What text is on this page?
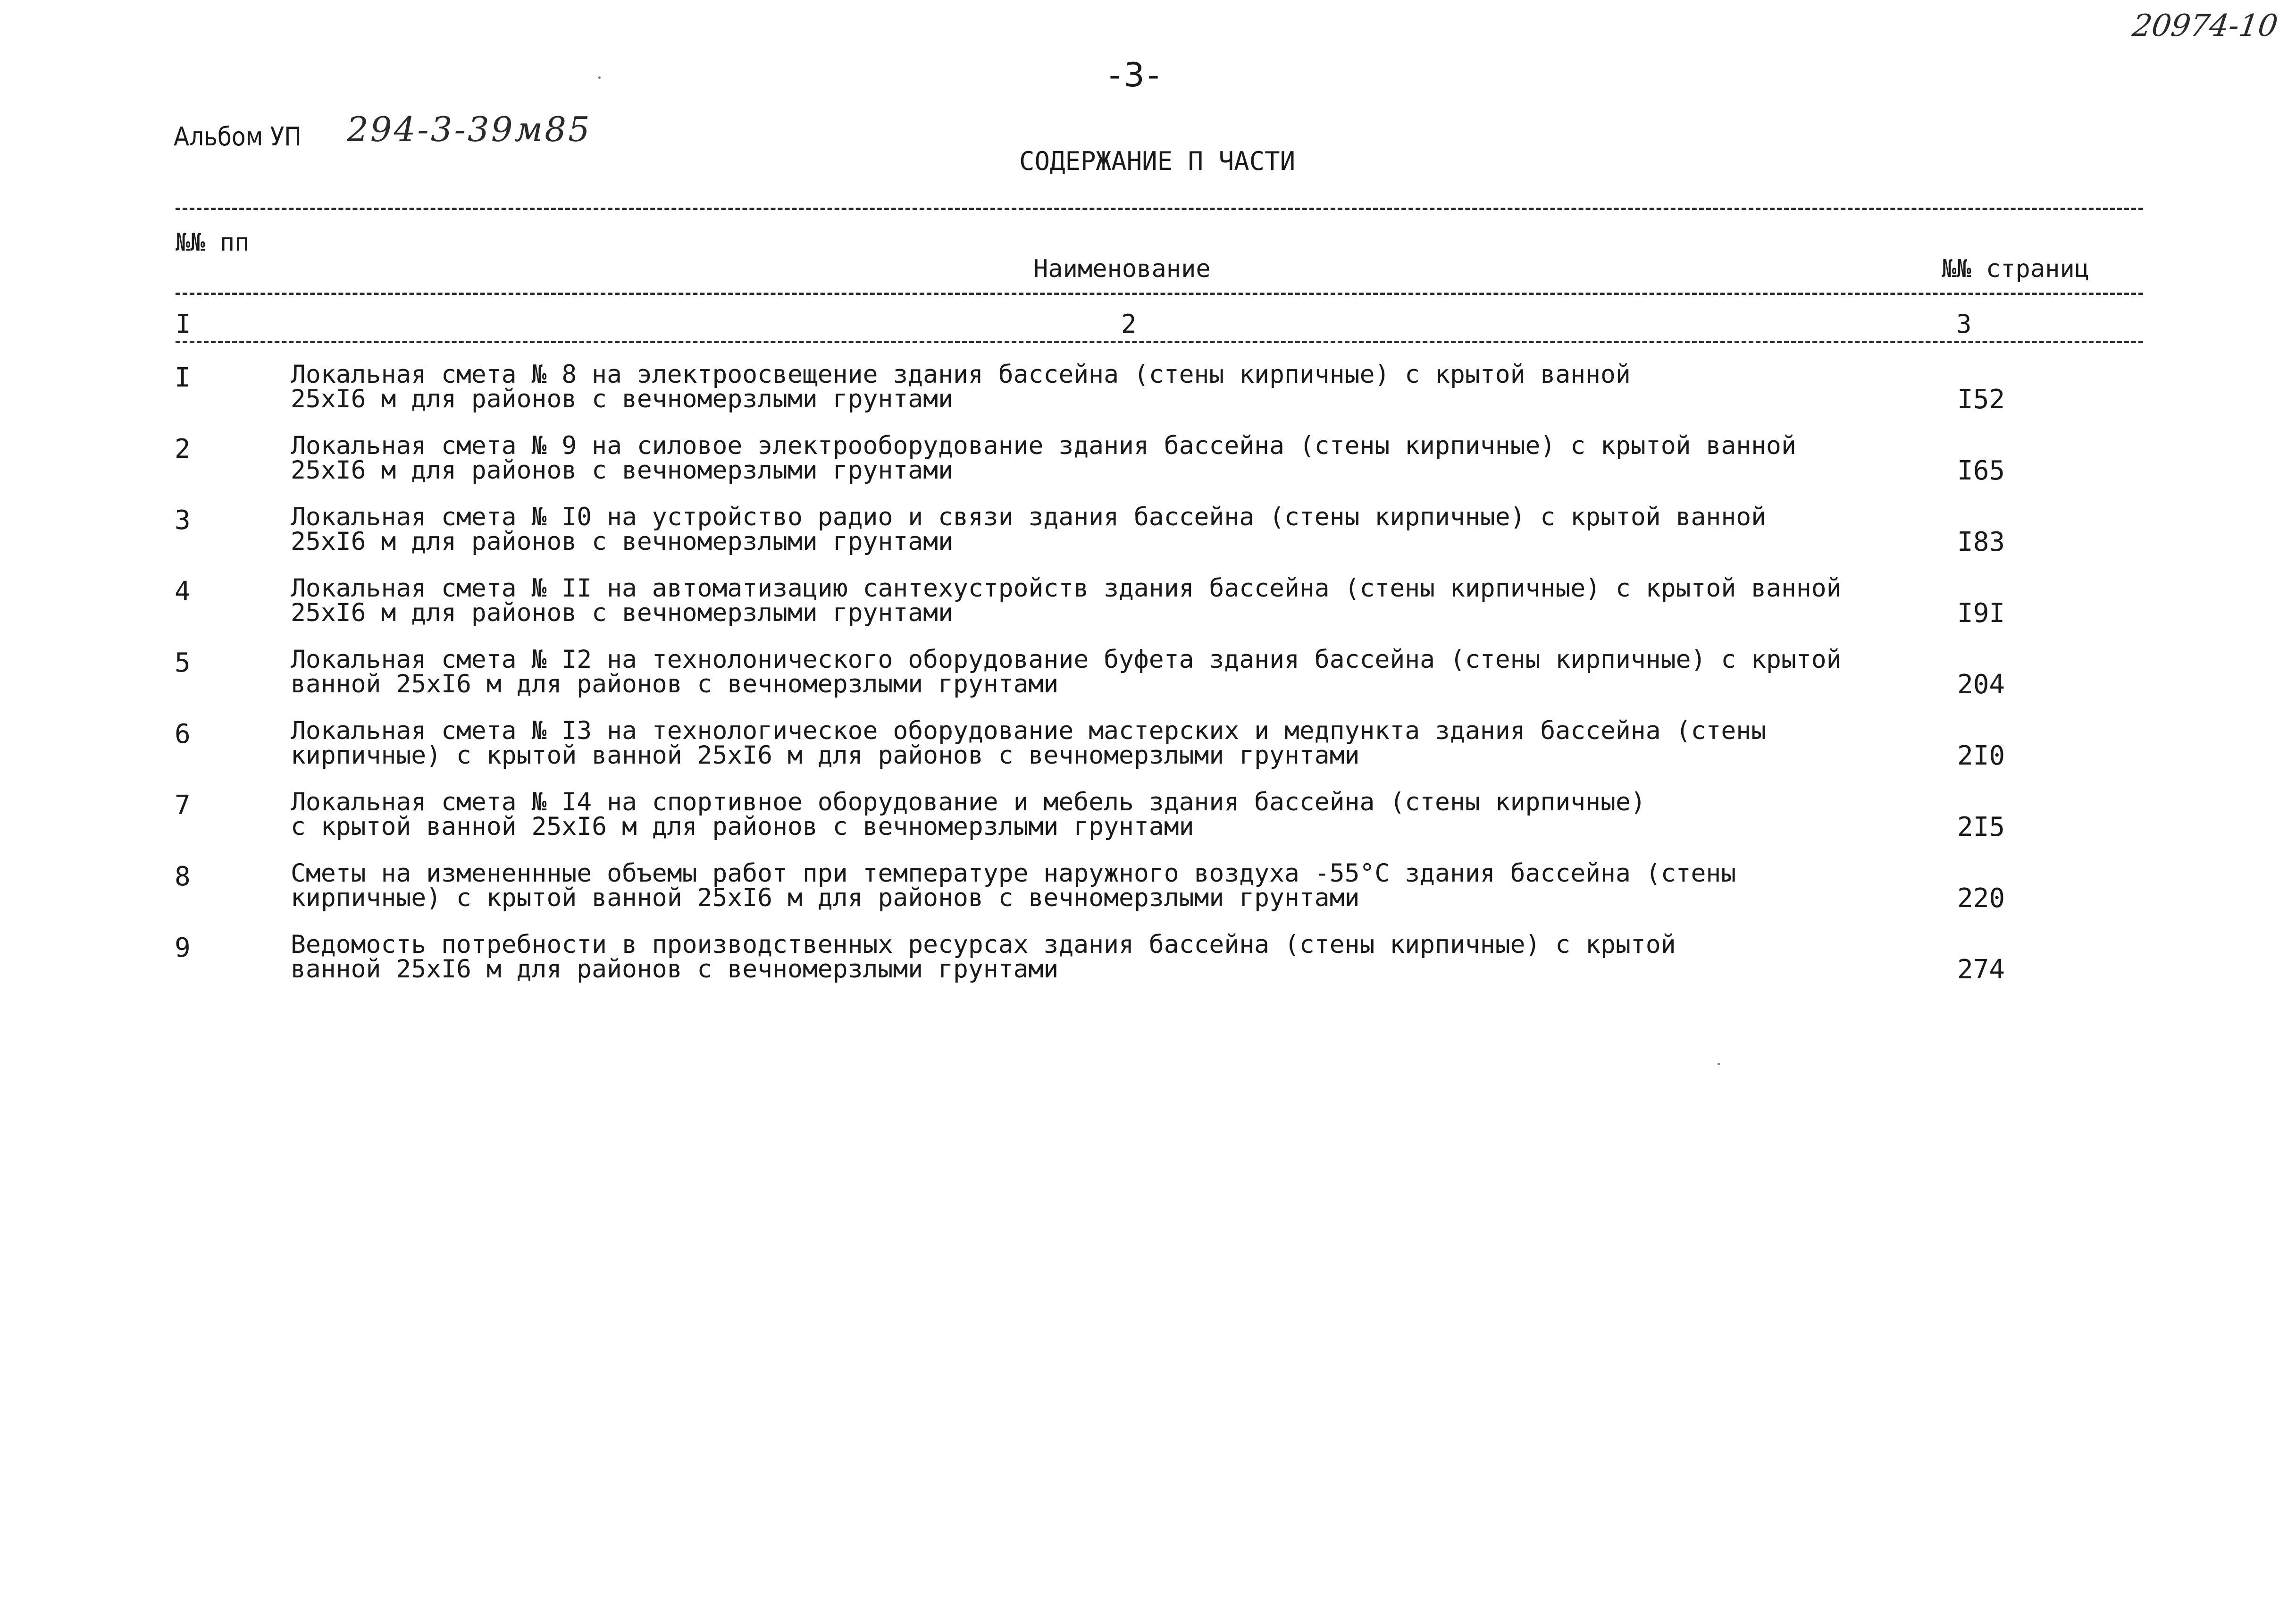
20974-10
-3-
Альбом УП 294-3-39м85
СОДЕРЖАНИЕ П ЧАСТИ
№№ пп
Наименование	№№ страниц
I	2	3
I	Локальная смета № 8 на электроосвещение здания бассейна (стены кирпичные) с крытой ванной
25хI6 м для районов с вечномерзлыми грунтами	I52
2	Локальная смета № 9 на силовое электрооборудование здания бассейна (стены кирпичные) с крытой ванной
25хI6 м для районов с вечномерзлыми грунтами	I65
3	Локальная смета № I0 на устройство радио и связи здания бассейна (стены кирпичные) с крытой ванной
25хI6 м для районов с вечномерзлыми грунтами	I83
4	Локальная смета № II на автоматизацию сантехустройств здания бассейна (стены кирпичные) с крытой ванной
25хI6 м для районов с вечномерзлыми грунтами	I9I
5	Локальная смета № I2 на технолонического оборудование буфета здания бассейна (стены кирпичные) с крытой
ванной 25хI6 м для районов с вечномерзлыми грунтами	204
6	Локальная смета № I3 на технологическое оборудование мастерских и медпункта здания бассейна (стены
кирпичные) с крытой ванной 25хI6 м для районов с вечномерзлыми грунтами	2I0
7	Локальная смета № I4 на спортивное оборудование и мебель здания бассейна (стены кирпичные)
с крытой ванной 25хI6 м для районов с вечномерзлыми грунтами	2I5
8	Сметы на измененнные объемы работ при температуре наружного воздуха -55°С здания бассейна (стены
кирпичные) с крытой ванной 25хI6 м для районов с вечномерзлыми грунтами	220
9	Ведомость потребности в производственных ресурсах здания бассейна (стены кирпичные) с крытой
ванной 25хI6 м для районов с вечномерзлыми грунтами	274
